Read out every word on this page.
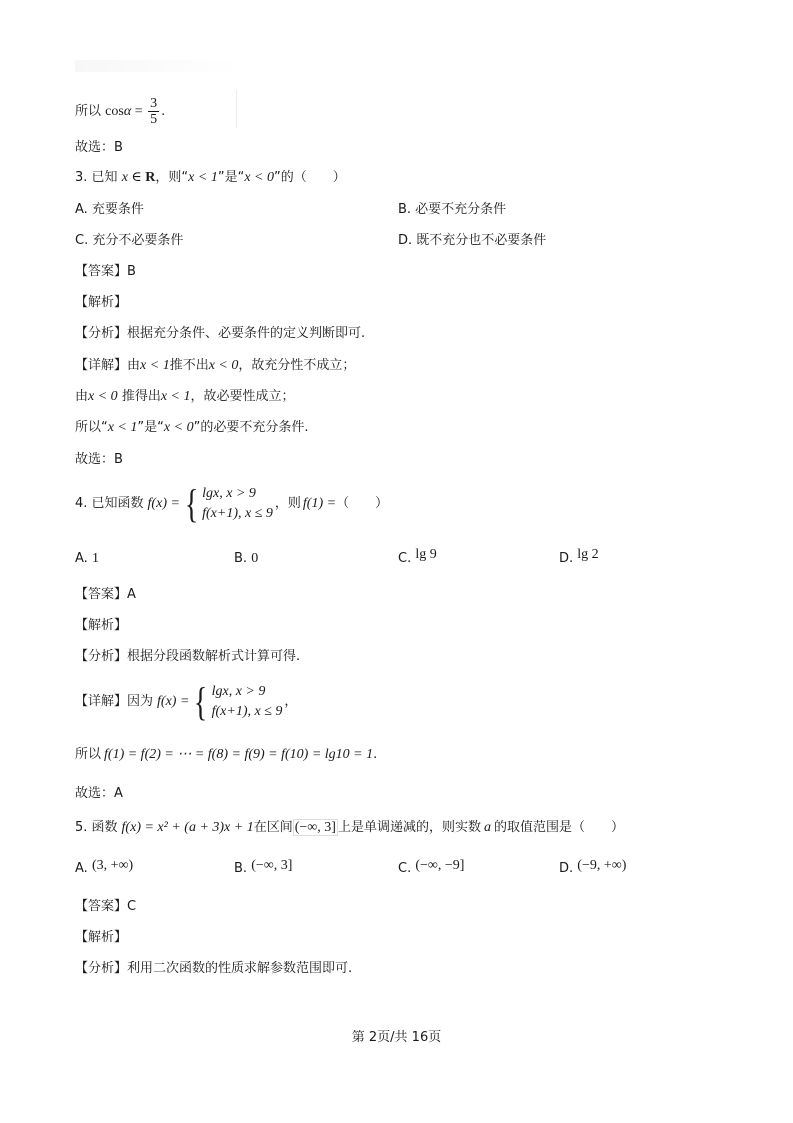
所以 $\cos\alpha = \frac{3}{5}$ .
故选：B
3. 已知 x ∈ R，则“x < 1”是“x < 0”的（　　）
A. 充要条件	B. 必要不充分条件
C. 充分不必要条件	D. 既不充分也不必要条件
【答案】B
【解析】
【分析】根据充分条件、必要条件的定义判断即可.
【详解】由x < 1推不出x < 0，故充分性不成立；
由x < 0 推得出x < 1，故必要性成立；
所以“x < 1”是“x < 0”的必要不充分条件.
故选：B
4. 已知函数 f(x) = { lgx, x > 9
f(x+1), x ≤ 9
，则 f(1) = （　　）
A. 1	B. 0	C. lg 9	D. lg 2
【答案】A
【解析】
【分析】根据分段函数解析式计算可得.
【详解】 因为 f(x) = { lgx, x > 9
f(x+1), x ≤ 9
，
所以 f(1) = f(2) = ⋯ = f(8) = f(9) = f(10) = lg10 = 1.
故选：A
5. 函数 f(x) = x² + (a + 3)x + 1在区间 (−∞, 3] 上是单调递减的，则实数 a 的取值范围是（　　）
A. (3, +∞)	B. (−∞, 3]	C. (−∞, −9]	D. (−9, +∞)
【答案】C
【解析】
【分析】利用二次函数的性质求解参数范围即可.
第 2页/共 16页
